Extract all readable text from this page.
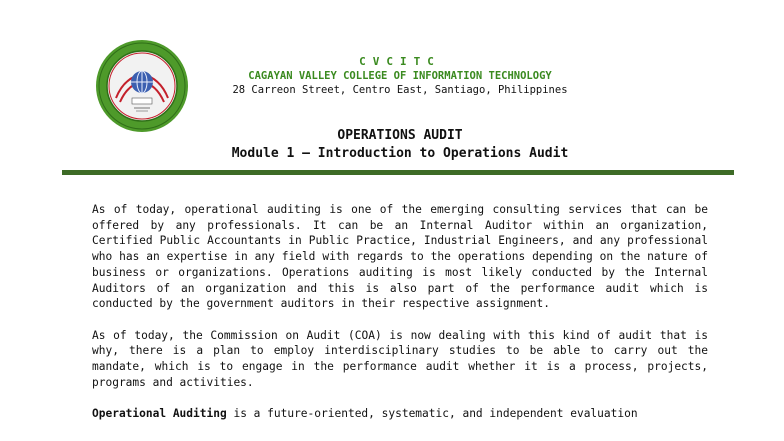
CVCITC
CAGAYAN VALLEY COLLEGE OF INFORMATION TECHNOLOGY
28 Carreon Street, Centro East, Santiago, Philippines
OPERATIONS AUDIT
Module 1 – Introduction to Operations Audit

As of today, operational auditing is one of the emerging consulting services that can be offered by any professionals. It can be an Internal Auditor within an organization, Certified Public Accountants in Public Practice, Industrial Engineers, and any professional who has an expertise in any field with regards to the operations depending on the nature of business or organizations. Operations auditing is most likely conducted by the Internal Auditors of an organization and this is also part of the performance audit which is conducted by the government auditors in their respective assignment.

As of today, the Commission on Audit (COA) is now dealing with this kind of audit that is why, there is a plan to employ interdisciplinary studies to be able to carry out the mandate, which is to engage in the performance audit whether it is a process, projects, programs and activities.

Operational Auditing is a future-oriented, systematic, and independent evaluation
